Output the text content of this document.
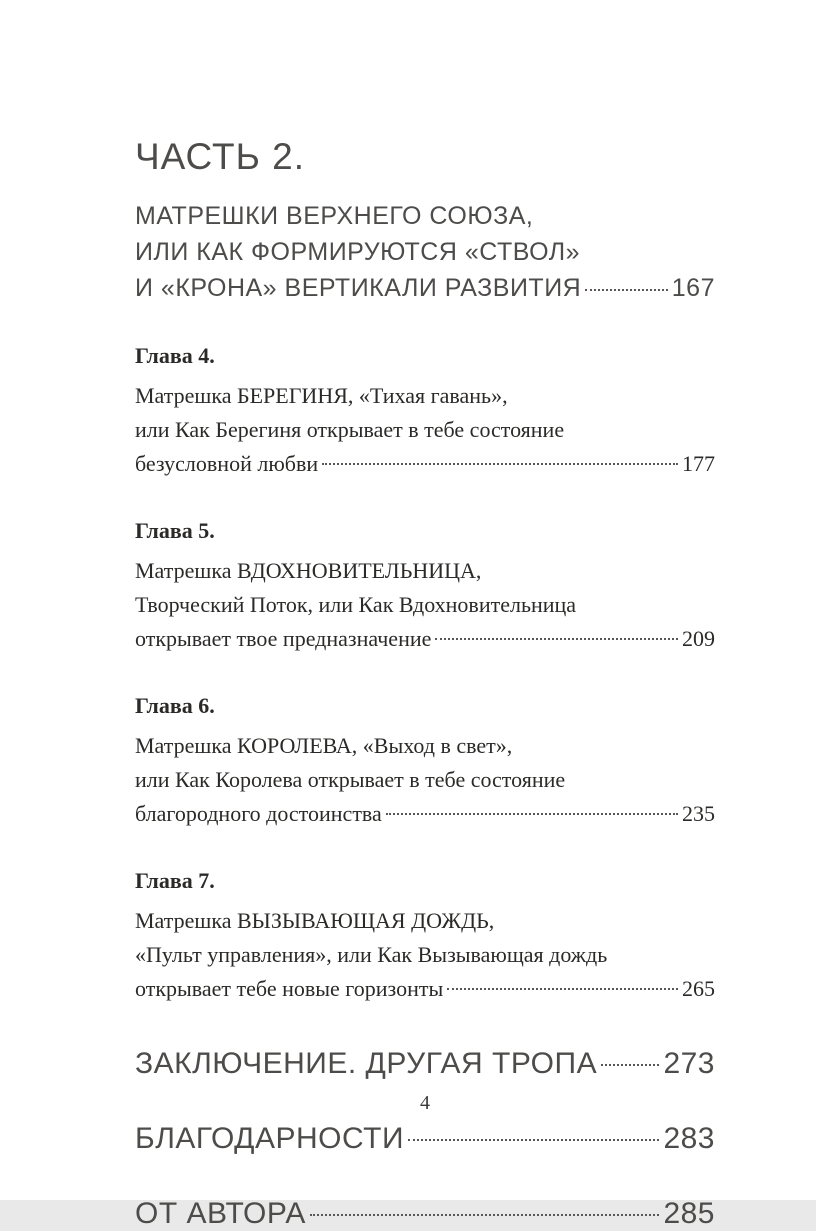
ЧАСТЬ 2.
МАТРЕШКИ ВЕРХНЕГО СОЮЗА,
ИЛИ КАК ФОРМИРУЮТСЯ «СТВОЛ»
И «КРОНА» ВЕРТИКАЛИ РАЗВИТИЯ	167
Глава 4.
Матрешка БЕРЕГИНЯ, «Тихая гавань»,
или Как Берегиня открывает в тебе состояние
безусловной любви	177
Глава 5.
Матрешка ВДОХНОВИТЕЛЬНИЦА,
Творческий Поток, или Как Вдохновительница
открывает твое предназначение	209
Глава 6.
Матрешка КОРОЛЕВА, «Выход в свет»,
или Как Королева открывает в тебе состояние
благородного достоинства	235
Глава 7.
Матрешка ВЫЗЫВАЮЩАЯ ДОЖДЬ,
«Пульт управления», или Как Вызывающая дождь
открывает тебе новые горизонты	265
ЗАКЛЮЧЕНИЕ. ДРУГАЯ ТРОПА 273
БЛАГОДАРНОСТИ	283
ОТ АВТОРА	285
4
